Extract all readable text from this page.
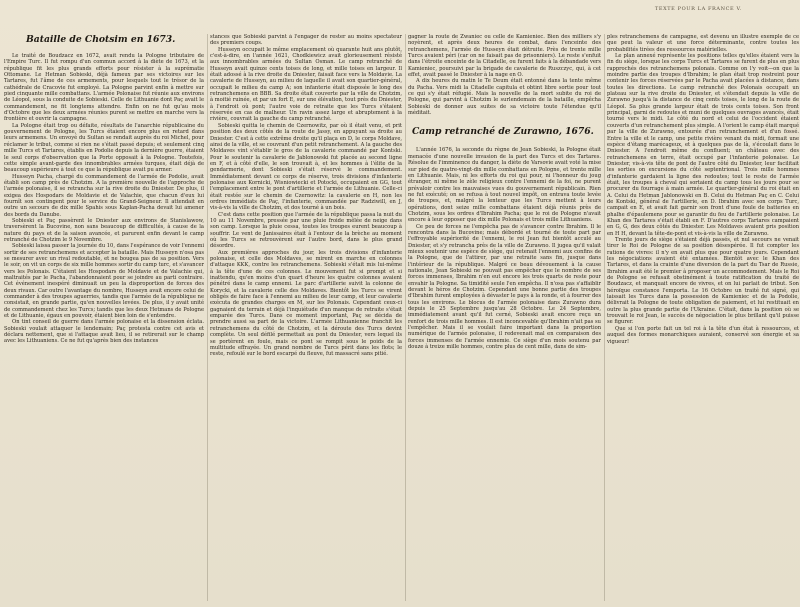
TEXTE POUR LA FRANCE V.
Bataille de Chotsim en 1673.

Le traité de Boudzacz en 1672, avait rendu la Pologne tributaire de l'Empire Turc. Il fut rompu d'un commun accord à la diète de 1673, et la république fit les plus grands efforts pour résister à la suprématie Ottomane. Le Hetman Sobieski, déjà fameux par ses victoires sur les Tartares, fut l'âme de ces armements, pour lesquels tout le trésor de la cathédrale de Cracovie fut employé. La Pologne parvint enfin à mettre sur pied cinquante mille combattans. L'armée Polonaise fut réunie aux environs de Léopol, sous la conduite de Sobieski. Celle de Lithuanie dont Paç avait le commandement, ne fit longtems attendre. Enfin on ne fut qu'au mois d'Octobre que les deux armées réunies purent se mettre en marche vers la frontière et ouvrir la campagne.

La Pologne était trop ou défaite, résultats de l'anarchie républicaine du gouvernement de Pologne, les Turcs étaient encore plus en retard dans leurs armemens. Un envoyé du Sultan se rendait auprès du roi Michel, pour réclamer le tribut, comme si rien ne s'était passé depuis; et seulement cinq mille Turcs et Tartares, établis en Podolie depuis la dernière guerre, étaient le seul corps d'observation que la Porte opposait à la Pologne. Toutefois, cette simple avant-garde des innombrables armées turques, était déjà de beaucoup supérieure à tout ce que la république avait pu armer.

Husseyn Pacha, chargé du commandement de l'armée de Podolie, avait établi son camp près de Chotzim. A la première nouvelle de l'approche de l'armée polonaise, il se retrancha sur la rive droite du Dniester. De plus, il exigea des Hospodars de Moldavie et de Valachie, que chacun d'eux lui fournît son contingent pour le service du Grand-Seigneur. Il attendait en outre un secours de dix mille Spahis sous Kaplan-Pacha devait lui amener des bords du Danube.

Sobieski et Paç passèrent le Dniester aux environs de Stanislawow, traversèrent la Bucovine, non sans beaucoup de difficultés, à cause de la nature du pays et de la saison avancée, et parurent enfin devant le camp retranché de Chotzim le 9 Novembre.

Sobieski laissa passer la journée du 10, dans l'espérance de voir l'ennemi sortir de ses retranchemens et accepter la bataille. Mais Husseyn n'osa pas se mesurer avec un rival redoutable, et ne bougea pas de sa position. Vers le soir, on vit un corps de six mille hommes sortir du camp turc, et s'avancer vers les Polonais. C'étaient les Hospodars de Moldavie et de Valachie qui, maltraités par le Pacha, l'abandonnaient pour se joindre au parti contraire. Cet événement inespéré diminuait un peu la disproportion de forces des deux rivaux. Car outre l'avantage du nombre, Husseyn avait encore celui de commander à des troupes aguerries, tandis que l'armée de la république ne consistait, en grande partie, qu'en nouvelles levées. De plus, il y avait unité de commandement chez les Turcs; tandis que les deux Hetmans de Pologne et de Lithuanie, égaux en pouvoir, étaient bien loin de s'entendre.

On tint conseil de guerre dans l'armée polonaise et la dissension éclata. Sobieski voulait attaquer le lendemain; Paç protesta contre cet avis et déclara nettement, que si l'attaque avait lieu, il se retirerait sur le champ avec les Lithuaniens. Ce ne fut qu'après bien des instances

stances que Sobieski parvint à l'engager de rester au moins spectateur des premiers coups.

Husseyn occupait le même emplacement où quarante huit ans plutôt, c'est-à-dire, en l'année 1621, Chodkiewicz avait glorieusement résisté aux innombrables armées du Sultan Osman. Le camp retranché de Husseyn avait quinze cents toises de long, et mille toises en largeur. Il était adossé à la rive droite du Dniester, faisait face vers la Moldavie. La cavalerie de Husseyn, au milieu de laquelle il avait son quartier-général, occupait le milieu du camp A; son infanterie était disposée le long des retranchemens en BBB. Sa droite était couverte par la ville de Chotzim, à moitié ruinée, et par un fort E, sur une élévation, tout près du Dniester, à l'endroit où pont; l'autre voie de retraite que les Turcs s'étaient réservée en cas de malheur. Un ravin assez large et abruptement à la rivière, couvrait la gauche du camp retranché.

Sobieski quitta le chemin de Czernowitz, par où il était venu, et prit position des deux côtés de la route de Jassy, en appuyant sa droite au Dniester. C'est à cette extrême droite qu'il plaça en D, le corps Moldave, ainsi de la ville, et se couvrant d'un petit retranchement. A la gauche des Moldaves vint s'établir le gros de la cavalerie commandé par Kontski. Pour le soutenir la cavalerie de Jablonowski fut placée au second ligne en F, et à côté d'elle, le son trouvait à, et les hommes à l'élite de la gendarmerie, dont Sobieski s'était réservé le commandement. Immédiatement devant ce corps de réserve, trois divisions d'infanterie polonaise aux Kornicki, Wisniowiecki et Potocki, occupaient en GG, tout l'emplacement entre le pont d'artillerie et l'armée de Lithuanie. Celle-ci était restée sur le chemin de Czernowitz: la cavalerie en H, non les ordres immédiats de Paç, l'infanterie, commandée par Radziwill, en J, vis-à-vis la ville de Chotzim, et dos tourné à un bois.

C'est dans cette position que l'armée de la république passa la nuit du 10 au 11 Novembre, pressée par une pluie froide mêlée de neige dans son camp. Lorsque la pluie cessa, toutes les troupes eurent beaucoup à souffrir. Le vent de Janissaires était à l'entour de la brèche au moment où les Turcs se retrouvèrent sur l'autre bord, dans le plus grand désordre.

Aux premières approches du jour, les trois divisions d'infanterie polonaise, et celle des Moldaves, se mirent en marche en colonnes d'attaque KKK, contre les retranchemens. Sobieski s'était mis lui-même à la tête d'une de ces colonnes. Le mouvement fut si prompt et si inattendu, qu'en moins d'un quart d'heure les quatre colonnes avaient pénétré dans le camp ennemi. Le parc d'artillerie suivit la colonne de Korycki, et la cavalerie celle des Moldaves. Bientôt les Turcs se virent obligés de faire face à l'ennemi au milieu de leur camp, et leur cavalerie exécuta de grandes charges en M, sur les Polonais. Cependant ceux-ci gagnaient du terrain et déjà l'inquiétude d'un manque de retraite s'était emparée des Turcs. Dans ce moment important, Paç se décida de prendre aussi sa part de la victoire. L'armée Lithuanienne franchit les retranchemens du côté de Chotzim, et la déroute des Turcs devint complète. Un seul défilé permettait au pont du Dniester, vers lequel ils se portèrent en foule, mais ce pont se rompit sous le poids de la multitude effrayée. Un grand nombre de Turcs périt dans les flots; le reste, refoulé sur le bord escarpé du fleuve, fut massacré sans pitié.

gagner la route de Zwaniec ou celle de Kamieniec. Bien des milliers s'y noyèrent, et après deux heures de combat, dans l'enceinte des retranchemens, l'armée de Husseyn était détruite. Près de trente mille Turcs avaient péri (car on ne faisait pas de prisonniers). Le reste s'enfuit dans l'étroite enceinte de la Citadelle, ou furent faits à la débandade vers Kamieniec, poursuivi par la brigade de cavalerie de Ruszczyc, qui, à cet effet, avait passé le Dniester à la nage en O.

A dix heures du matin le Te Deum était entonné dans la tente même du Pacha. Vers midi la Citadelle capitula et obtint libre sortie pour tout ce qui s'y était réfugié. Mais la nouvelle de la mort subite du roi de Pologne, qui parvint à Chotzim le surlendemain de la bataille, empêcha Sobieski de donner aux suites de sa victoire toute l'étendue qu'il méditait.

Camp retranché de Zurawno, 1676.

L'année 1676, la seconde du règne de Jean Sobieski, la Pologne était menacée d'une nouvelle invasion de la part des Turcs et des Tartares. Résolue de l'imminence du danger, la diète de Varsovie avait voté la mise sur pied de quatre-vingt-dix mille combattans en Pologne, et trente mille en Lithuanie. Mais, ni les efforts du roi qui pour, ni l'honneur du joug étranger, ni même le zèle religieux contre l'ennemi de la foi, ne purent prévaloir contre les mauvaises vues du gouvernement républicain. Rien ne fut exécuté; on se refusa à tout nouvel impôt, on entrava toute levée de troupes, et, malgré la lenteur que les Turcs mettent à leurs opérations, dont seize mille combattans étaient déjà réunis près de Chotzim, sous les ordres d'Ibrahim Pacha; que le roi de Pologne n'avait encore à leur opposer que dix mille Polonais et trois mille Lithuaniens.

Ce peu de forces ne l'empêcha pas de s'avancer contre Ibrahim. Il le rencontra dans la Bucovine; mais débordé et tourné de toute part par l'effroyable supériorité de l'ennemi, le roi Jean fut bientôt acculé au Dniester, et s'y retrancha près de la ville de Zurawno. Il jugea qu'il valait mieux soutenir une espèce de siège, qui retenait l'ennemi aux confins de la Pologne, que de l'attirer, par une retraite sans fin, jusque dans l'intérieur de la république. Malgré ce beau dévouement à la cause nationale, Jean Sobieski ne pouvait pas empêcher que le nombre de ses forces immenses, Ibrahim n'en eut encore les trois quarts de reste pour envahir la Pologne. Sa timidité seule l'en empêcha. Il n'osa pas s'affaiblir devant le héros de Chotzim. Cependant une bonne partie des troupes d'Ibrahim furent employées à dévaster le pays à la ronde, et à fourrer des tous les environs. Le blocus de l'armée polonaise dans Zurawno dura depuis le 25 Septembre jusqu'au 28 Octobre. Le 24 Septembre, immédiatement avant qu'il fut cerné, Sobieski avait encore reçu un renfort de trois mille hommes. Il est inconcevable qu'Ibrahim n'ait pas su l'empêcher. Mais il se voulait faire important dans la proportion numérique de l'armée polonaise, il redevenait mal en comparaison des forces immenses de l'armée ennemie. Ce siège d'un mois soutenu par douze à treize mille hommes, contre plus de cent mille, dans de sim-

ples retranchemens de campagne, est devenu un illustre exemple de ce que peut la valeur et une force déterminante, contre toutes les probabilités tirées des ressources matérielles.

Le plan annexé représente les positions telles qu'elles étaient vers la fin du siège, lorsque les corps Turcs et Tartares se furent de plus en plus rapprochés des retranchemens polonais. Comme on l'y voit—on que la moindre partie des troupes d'Ibrahim; le plan était trop restreint pour contenir les forces réservées par le Pacha avait placées à distance, dans toutes les directions. Le camp retranché des Polonais occupait un plateau sur la rive droite du Dniester, et s'étendait depuis la ville de Zurawno jusqu'à la distance de cinq cents toises, le long de la route de Léopol. Sa plus grande largeur était de trois cents toises. Son front principal, garni de redoutes et muni de quelques ouvrages avancés, était tourné vers le midi. Le côté du nord et celui de l'occident étaient couverts d'un retranchement plus simple. A l'orient le camp était marqué par la ville de Zurawno, entourée d'un retranchement et d'un fossé. Entre la ville et le camp, une petite rivière venant du midi, formait une espèce d'étang marécageux, et à quelques pas de là, s'écoulait dans le Dniester. A l'endroit même du confluent; un château avec des retranchemens en terre, était occupé par l'infanterie polonaise. Le Dniester, vis-à-vis tête de pont de l'autre côté du Dniester, leur facilitait les sorties on excursions du côté septentrional. Trois mille hommes d'infanterie gardaient la ligne des redoutes; tout le reste de l'armée était, les troupes à cheval qui sortaient du camp tous les jours pour se procurer du fourrage à main armée. Le quartier-général du roi était en A. Celui du Hetman Jablonowski en B. Celui du Hetman Paç en C. Celui de Kontski, général de l'artillerie, en D. Ibrahim avec son corps Turc, campait en E, et avait fait garnir son front d'une foule de batteries en phalhe d'épaulemens pour se garantir du feu de l'artillerie polonaise. Le Khan des Tartares s'était établi en F. D'autres corps Tartares campaient en G, G, des deux côtés du Dniester. Les Moldaves avaient pris position en H H, devant la tête-de-pont et vis-à-vis la ville de Zurawno.

Trente jours de siège s'étaient déjà passés, et nul secours ne venait tirer le Roi de Pologne de sa position désespérée. Il fut compter les rations de vivres: il n'y en avait plus que pour quatre jours. Cependant les négociations avaient été entamées. Bientôt avec le Khan des Tartares, et dans la crainte d'une diversion de la part du Tsar de Russie, Ibrahim avait été le premier à proposer un accommodement. Mais le Roi de Pologne se refusait obstinément à toute ratification du traité de Boudzacz, et manquait encore de vivres, et on lui parlait de tribut. Son héroïque constance l'emporta. Le 16 Octobre un traité fut signé, qui laissait les Turcs dans la possession de Kamieniec et de la Podolie, délivrait la Pologne de toute obligation de paiement, et lui restituait en outre la plus grande partie de l'Ukraine. C'était, dans la position où se trouvait le roi Jean, le succès de négociation le plus brillant qu'il puisse se figurer.

Que si l'on porte fait un tel roi à la tête d'un état à ressources, et auquel des formes monarchiques auraient, conservé son énergie et sa vigueur!
